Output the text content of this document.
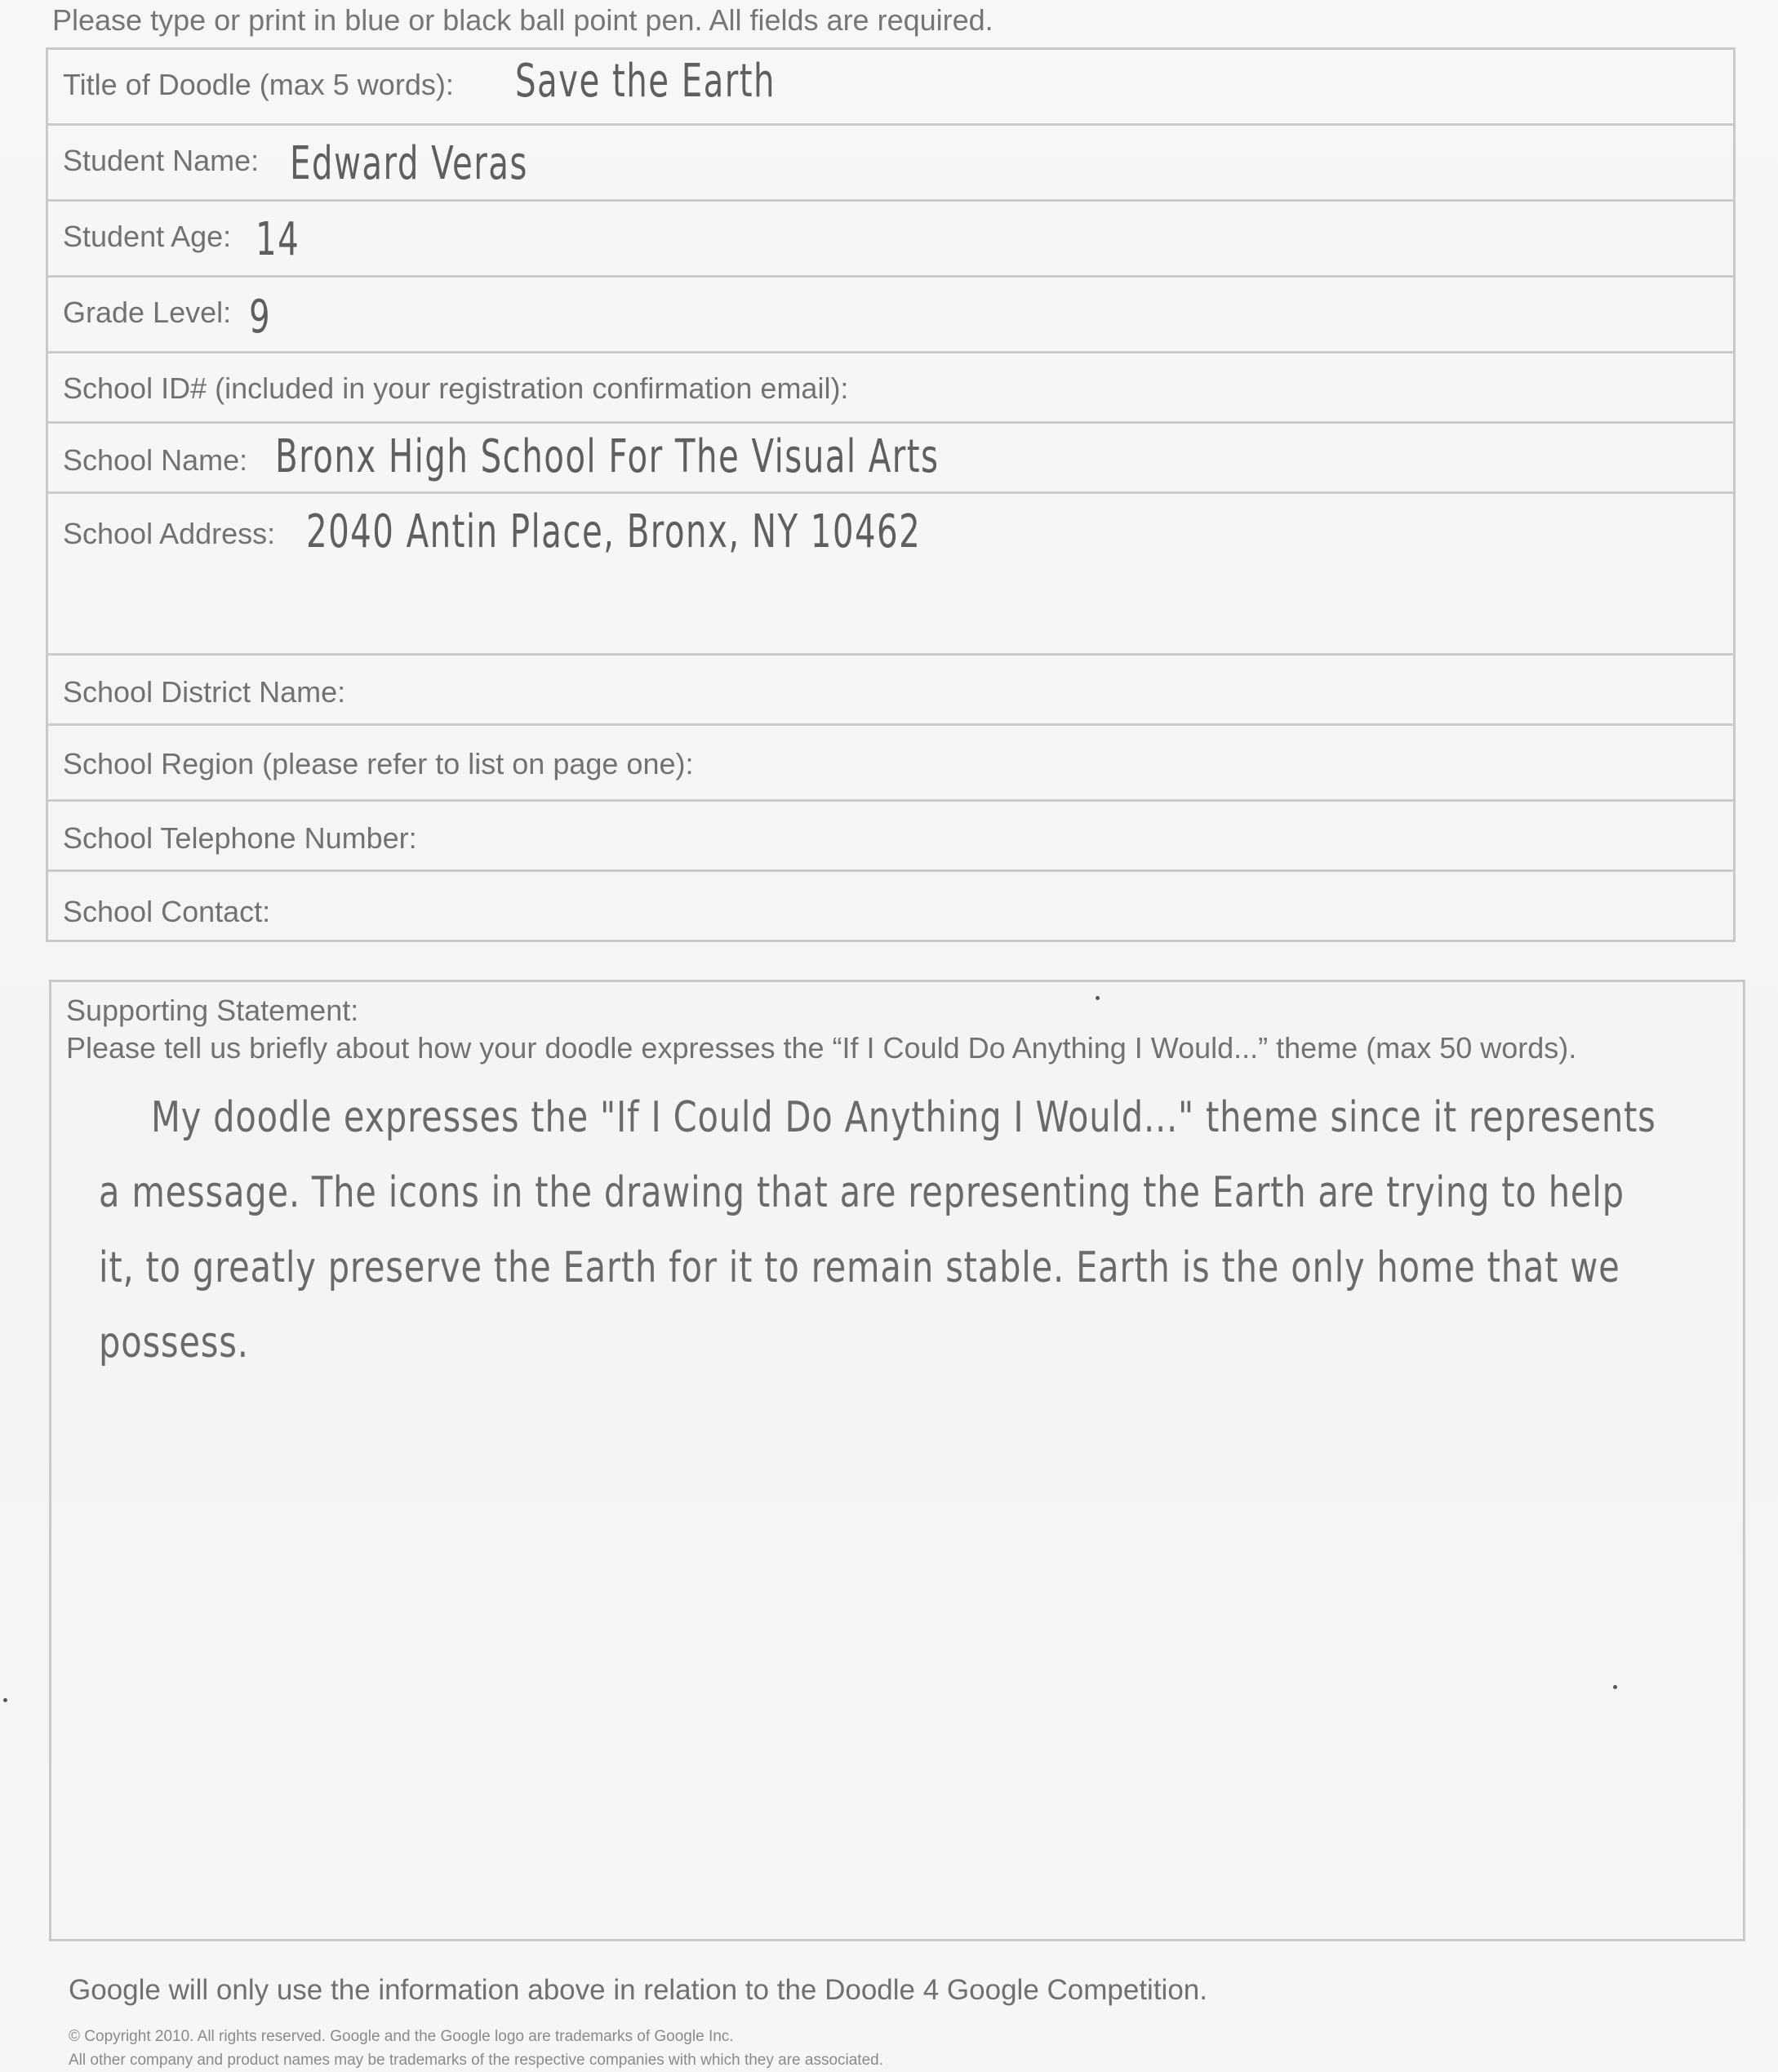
Please type or print in blue or black ball point pen. All fields are required.
Title of Doodle (max 5 words): Save the Earth
Student Name: Edward Veras
Student Age: 14
Grade Level: 9
School ID# (included in your registration confirmation email):
School Name: Bronx High School For The Visual Arts
School Address: 2040 Antin Place, Bronx, NY 10462
School District Name:
School Region (please refer to list on page one):
School Telephone Number:
School Contact:
Supporting Statement:
Please tell us briefly about how your doodle expresses the “If I Could Do Anything I Would...” theme (max 50 words).
My doodle expresses the "If I Could Do Anything I Would..." theme since it represents a message. The icons in the drawing that are representing the Earth are trying to help it, to greatly preserve the Earth for it to remain stable. Earth is the only home that we possess.
Google will only use the information above in relation to the Doodle 4 Google Competition.
© Copyright 2010. All rights reserved. Google and the Google logo are trademarks of Google Inc.
All other company and product names may be trademarks of the respective companies with which they are associated.
